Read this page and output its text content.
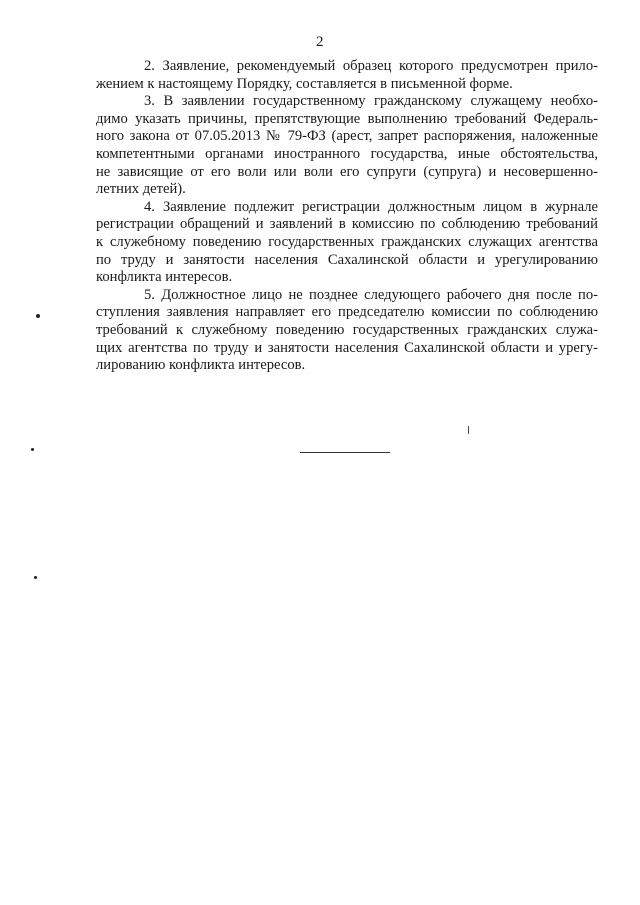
2
2. Заявление, рекомендуемый образец которого предусмотрен прило-
жением к настоящему Порядку, составляется в письменной форме.
3. В заявлении государственному гражданскому служащему необхо-
димо указать причины, препятствующие выполнению требований Федераль-
ного закона от 07.05.2013 № 79-ФЗ (арест, запрет распоряжения, наложенные
компетентными органами иностранного государства, иные обстоятельства,
не зависящие от его воли или воли его супруги (супруга) и несовершенно-
летних детей).
4. Заявление подлежит регистрации должностным лицом в журнале
регистрации обращений и заявлений в комиссию по соблюдению требований
к служебному поведению государственных гражданских служащих агентства
по труду и занятости населения Сахалинской области и урегулированию
конфликта интересов.
5. Должностное лицо не позднее следующего рабочего дня после по-
ступления заявления направляет его председателю комиссии по соблюдению
требований к служебному поведению государственных гражданских служа-
щих агентства по труду и занятости населения Сахалинской области и урегу-
лированию конфликта интересов.
